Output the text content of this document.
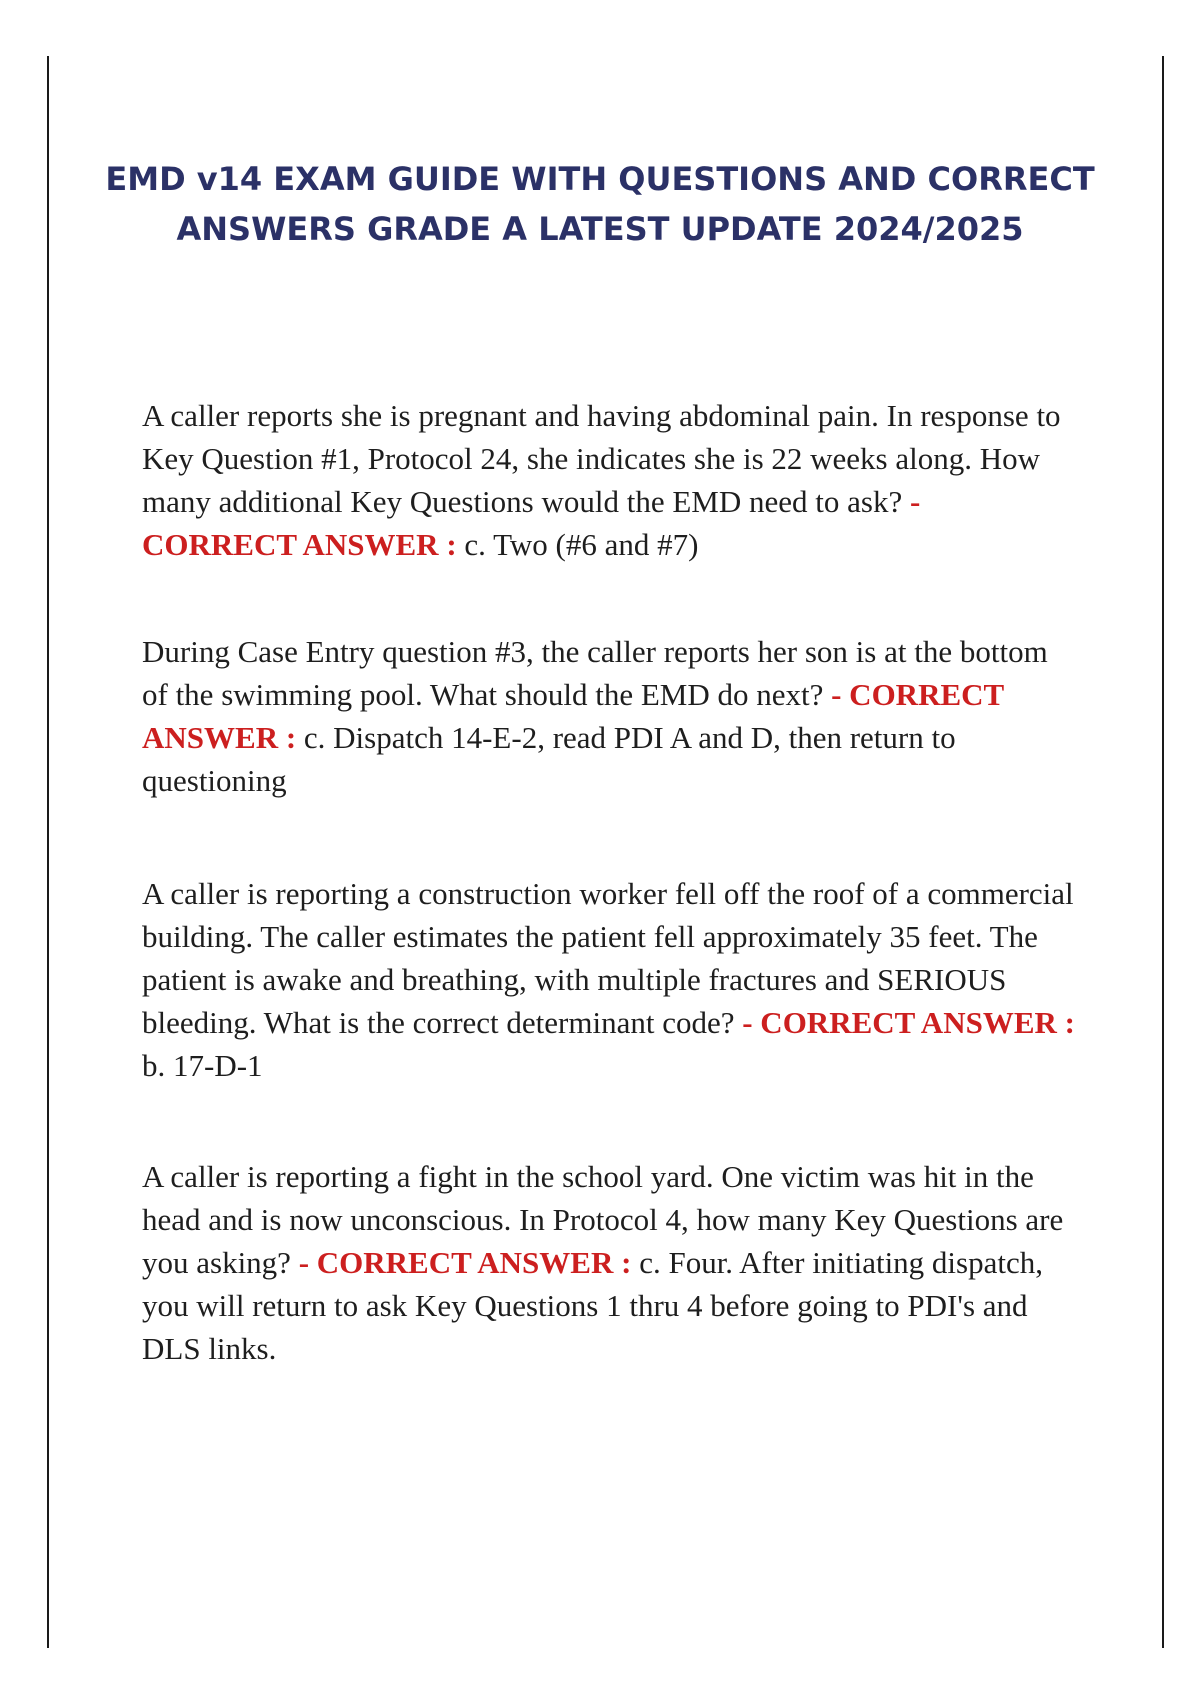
EMD v14 EXAM GUIDE WITH QUESTIONS AND CORRECT
ANSWERS GRADE A LATEST UPDATE 2024/2025

A caller reports she is pregnant and having abdominal pain. In response to Key Question #1, Protocol 24, she indicates she is 22 weeks along. How many additional Key Questions would the EMD need to ask? - CORRECT ANSWER : c. Two (#6 and #7)

During Case Entry question #3, the caller reports her son is at the bottom of the swimming pool. What should the EMD do next? - CORRECT ANSWER : c. Dispatch 14-E-2, read PDI A and D, then return to questioning

A caller is reporting a construction worker fell off the roof of a commercial building. The caller estimates the patient fell approximately 35 feet. The patient is awake and breathing, with multiple fractures and SERIOUS bleeding. What is the correct determinant code? - CORRECT ANSWER : b. 17-D-1

A caller is reporting a fight in the school yard. One victim was hit in the head and is now unconscious. In Protocol 4, how many Key Questions are you asking? - CORRECT ANSWER : c. Four. After initiating dispatch, you will return to ask Key Questions 1 thru 4 before going to PDI's and DLS links.
